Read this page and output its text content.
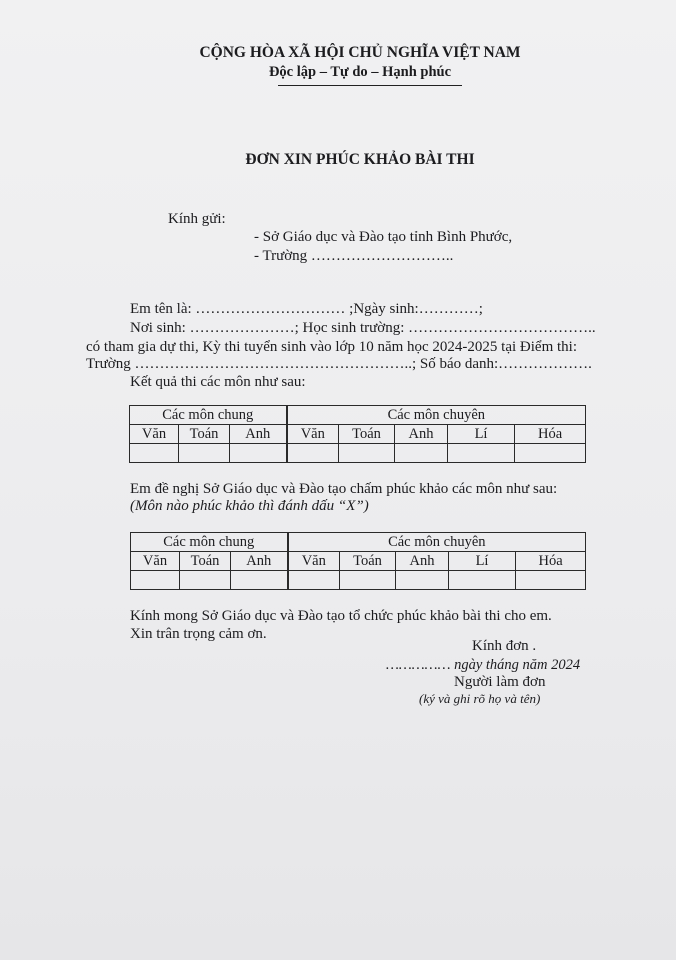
CỘNG HÒA XÃ HỘI CHỦ NGHĨA VIỆT NAM
Độc lập – Tự do – Hạnh phúc
ĐƠN XIN PHÚC KHẢO BÀI THI
Kính gửi:
- Sở Giáo dục và Đào tạo tỉnh Bình Phước,
- Trường ………………………..
Em tên là: ………………………… ;Ngày sinh:…………;
Nơi sinh: …………………; Học sinh trường: ………………………………..
có tham gia dự thi, Kỳ thi tuyển sinh vào lớp 10 năm học 2024-2025 tại Điểm thi:
Trường ………………………………………………..; Số báo danh:……………….
Kết quả thi các môn như sau:
Các môn chung			Các môn chuyên				
Văn	Toán	Anh	Văn	Toán	Anh	Lí	Hóa

Em đề nghị Sở Giáo dục và Đào tạo chấm phúc khảo các môn như sau:
(Môn nào phúc khảo thì đánh dấu “X”)
Các môn chung			Các môn chuyên				
Văn	Toán	Anh	Văn	Toán	Anh	Lí	Hóa

Kính mong Sở Giáo dục và Đào tạo tổ chức phúc khảo bài thi cho em.
Xin trân trọng cảm ơn.
Kính đơn .
…………… ngày tháng năm 2024
Người làm đơn
(ký và ghi rõ họ và tên)
